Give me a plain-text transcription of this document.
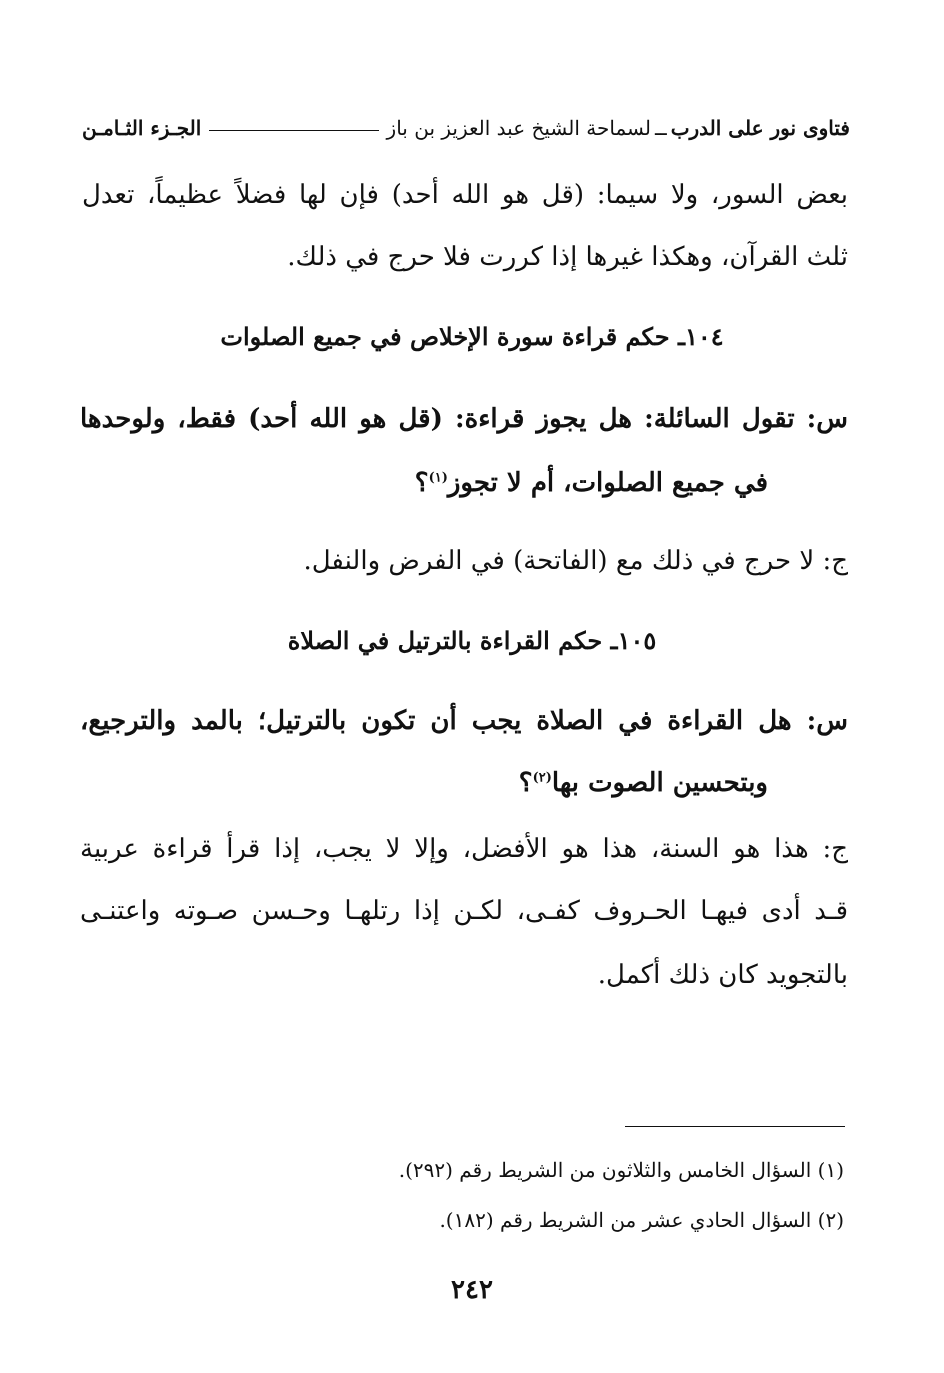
فتاوى نور على الدرب
ــ
لسماحة الشيخ عبد العزيز بن باز
الجـزء الثـامـن
بعض السور، ولا سيما: (قل هو الله أحد) فإن لها فضلاً عظيماً، تعدل
ثلث القرآن، وهكذا غيرها إذا كررت فلا حرج في ذلك.
١٠٤ـ حكم قراءة سورة الإخلاص في جميع الصلوات
س: تقول السائلة: هل يجوز قراءة: (قل هو الله أحد) فقط، ولوحدها
في جميع الصلوات، أم لا تجوز$^{(١)}$؟
ج: لا حرج في ذلك مع (الفاتحة) في الفرض والنفل.
١٠٥ـ حكم القراءة بالترتيل في الصلاة
س: هل القراءة في الصلاة يجب أن تكون بالترتيل؛ بالمد والترجيع،
وبتحسين الصوت بها$^{(٢)}$؟
ج: هذا هو السنة، هذا هو الأفضل، وإلا لا يجب، إذا قرأ قراءة عربية
قـد أدى فيهـا الحـروف كفـى، لكـن إذا رتلهـا وحـسن صـوته واعتنـى
بالتجويد كان ذلك أكمل.
(١) السؤال الخامس والثلاثون من الشريط رقم (٢٩٢).
(٢) السؤال الحادي عشر من الشريط رقم (١٨٢).
٢٤٢
